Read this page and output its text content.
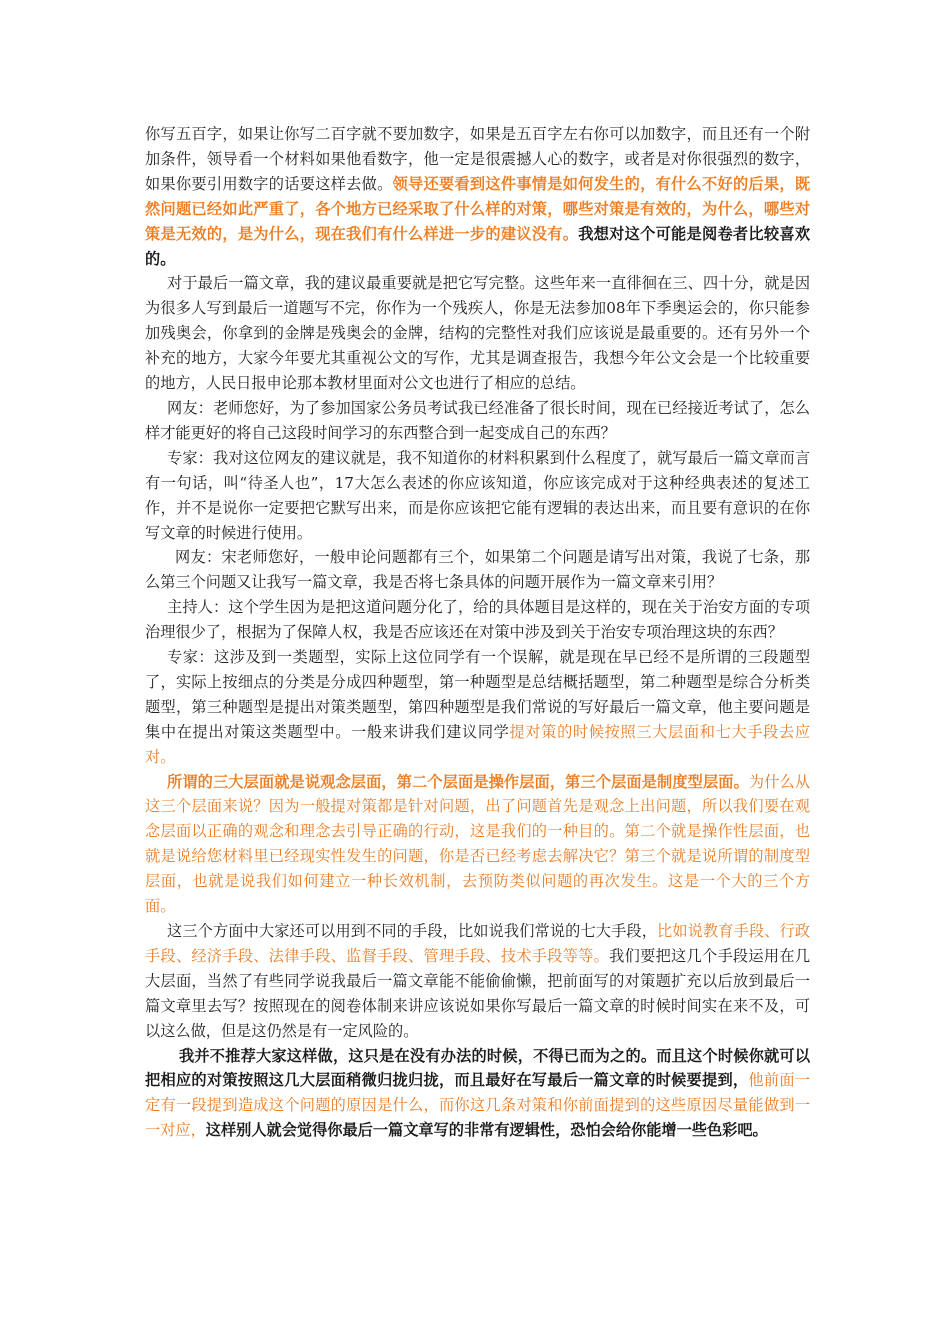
你写五百字，如果让你写二百字就不要加数字，如果是五百字左右你可以加数字，而且还有一个附加条件，领导看一个材料如果他看数字，他一定是很震撼人心的数字，或者是对你很强烈的数字，如果你要引用数字的话要这样去做。领导还要看到这件事情是如何发生的，有什么不好的后果，既然问题已经如此严重了，各个地方已经采取了什么样的对策，哪些对策是有效的，为什么，哪些对策是无效的，是为什么，现在我们有什么样进一步的建议没有。我想对这个可能是阅卷者比较喜欢的。

对于最后一篇文章，我的建议最重要就是把它写完整。这些年来一直徘徊在三、四十分，就是因为很多人写到最后一道题写不完，你作为一个残疾人，你是无法参加08年下季奥运会的，你只能参加残奥会，你拿到的金牌是残奥会的金牌，结构的完整性对我们应该说是最重要的。还有另外一个补充的地方，大家今年要尤其重视公文的写作，尤其是调查报告，我想今年公文会是一个比较重要的地方，人民日报申论那本教材里面对公文也进行了相应的总结。

网友：老师您好，为了参加国家公务员考试我已经准备了很长时间，现在已经接近考试了，怎么样才能更好的将自己这段时间学习的东西整合到一起变成自己的东西？

专家：我对这位网友的建议就是，我不知道你的材料积累到什么程度了，就写最后一篇文章而言有一句话，叫“待圣人也”，17大怎么表述的你应该知道，你应该完成对于这种经典表述的复述工作，并不是说你一定要把它默写出来，而是你应该把它能有逻辑的表达出来，而且要有意识的在你写文章的时候进行使用。

网友：宋老师您好，一般申论问题都有三个，如果第二个问题是请写出对策，我说了七条，那么第三个问题又让我写一篇文章，我是否将七条具体的问题开展作为一篇文章来引用？

主持人：这个学生因为是把这道问题分化了，给的具体题目是这样的，现在关于治安方面的专项治理很少了，根据为了保障人权，我是否应该还在对策中涉及到关于治安专项治理这块的东西？

专家：这涉及到一类题型，实际上这位同学有一个误解，就是现在早已经不是所谓的三段题型了，实际上按细点的分类是分成四种题型，第一种题型是总结概括题型，第二种题型是综合分析类题型，第三种题型是提出对策类题型，第四种题型是我们常说的写好最后一篇文章，他主要问题是集中在提出对策这类题型中。一般来讲我们建议同学提对策的时候按照三大层面和七大手段去应对。

所谓的三大层面就是说观念层面，第二个层面是操作层面，第三个层面是制度型层面。为什么从这三个层面来说？因为一般提对策都是针对问题，出了问题首先是观念上出问题，所以我们要在观念层面以正确的观念和理念去引导正确的行动，这是我们的一种目的。第二个就是操作性层面，也就是说给您材料里已经现实性发生的问题，你是否已经考虑去解决它？第三个就是说所谓的制度型层面，也就是说我们如何建立一种长效机制，去预防类似问题的再次发生。这是一个大的三个方面。

这三个方面中大家还可以用到不同的手段，比如说我们常说的七大手段，比如说教育手段、行政手段、经济手段、法律手段、监督手段、管理手段、技术手段等等。我们要把这几个手段运用在几大层面，当然了有些同学说我最后一篇文章能不能偷偷懒，把前面写的对策题扩充以后放到最后一篇文章里去写？按照现在的阅卷体制来讲应该说如果你写最后一篇文章的时候时间实在来不及，可以这么做，但是这仍然是有一定风险的。

我并不推荐大家这样做，这只是在没有办法的时候，不得已而为之的。而且这个时候你就可以把相应的对策按照这几大层面稍微归拢归拢，而且最好在写最后一篇文章的时候要提到，他前面一定有一段提到造成这个问题的原因是什么，而你这几条对策和你前面提到的这些原因尽量能做到一一对应，这样别人就会觉得你最后一篇文章写的非常有逻辑性，恐怕会给你能增一些色彩吧。
